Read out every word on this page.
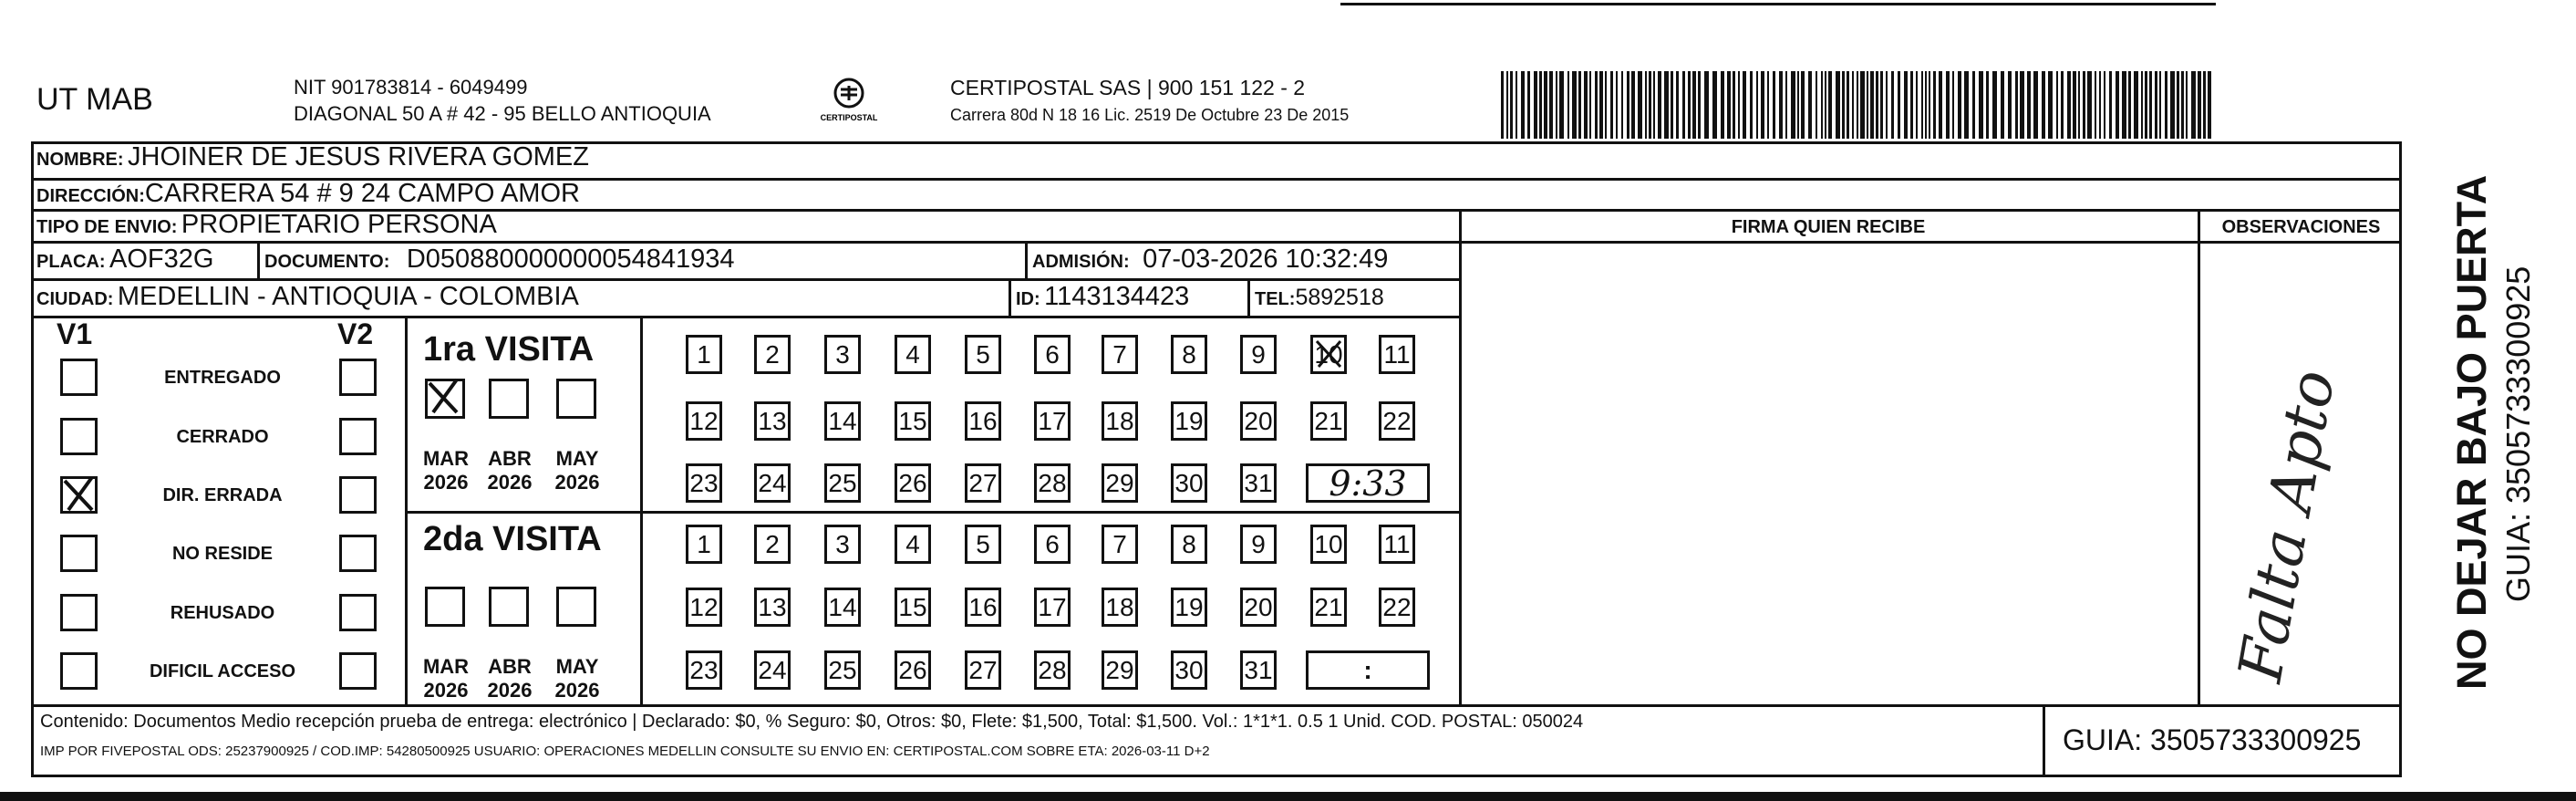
UT MAB	NIT 901783814 - 6049499
DIAGONAL 50 A # 42 - 95 BELLO ANTIOQUIA	CERTIPOSTAL
CERTIPOSTAL SAS | 900 151 122 - 2
Carrera 80d N 18 16 Lic. 2519 De Octubre 23 De 2015
NOMBRE: JHOINER DE JESUS RIVERA GOMEZ
DIRECCIÓN:CARRERA 54 # 9 24 CAMPO AMOR
TIPO DE ENVIO: PROPIETARIO PERSONA
PLACA: AOF32G	DOCUMENTO: D050880000000054841934	ADMISIÓN: 07-03-2026 10:32:49
CIUDAD: MEDELLIN - ANTIOQUIA - COLOMBIA	ID: 1143134423	TEL:5892518
FIRMA QUIEN RECIBE	OBSERVACIONES
V1	V2 1ra VISITA
2da VISITA	Falta Apto NO DEJAR BAJO PUERTA GUIA: 3505733300925
Contenido: Documentos Medio recepción prueba de entrega: electrónico | Declarado: $0, % Seguro: $0, Otros: $0, Flete: $1,500, Total: $1,500. Vol.: 1*1*1. 0.5 1 Unid. COD. POSTAL: 050024
IMP POR FIVEPOSTAL ODS: 25237900925 / COD.IMP: 54280500925 USUARIO: OPERACIONES MEDELLIN CONSULTE SU ENVIO EN: CERTIPOSTAL.COM SOBRE ETA: 2026-03-11 D+2	GUIA: 3505733300925
ENTREGADO
CERRADO
DIR. ERRADA
NO RESIDE
REHUSADO
DIFICIL ACCESO
MAR
2026
ABR
2026
MAY
2026
MAR
2026
ABR
2026
MAY
2026
1	2	3	4	5	6	7	8	9	10 11
12 13 14 15 16 17 18 19 20 21 22
23 24 25 26 27 28 29 30 31	9:33
1	2	3	4	5	6	7	8	9	10 11
12 13 14 15 16 17 18 19 20 21 22
23 24 25 26 27 28 29 30 31	:
